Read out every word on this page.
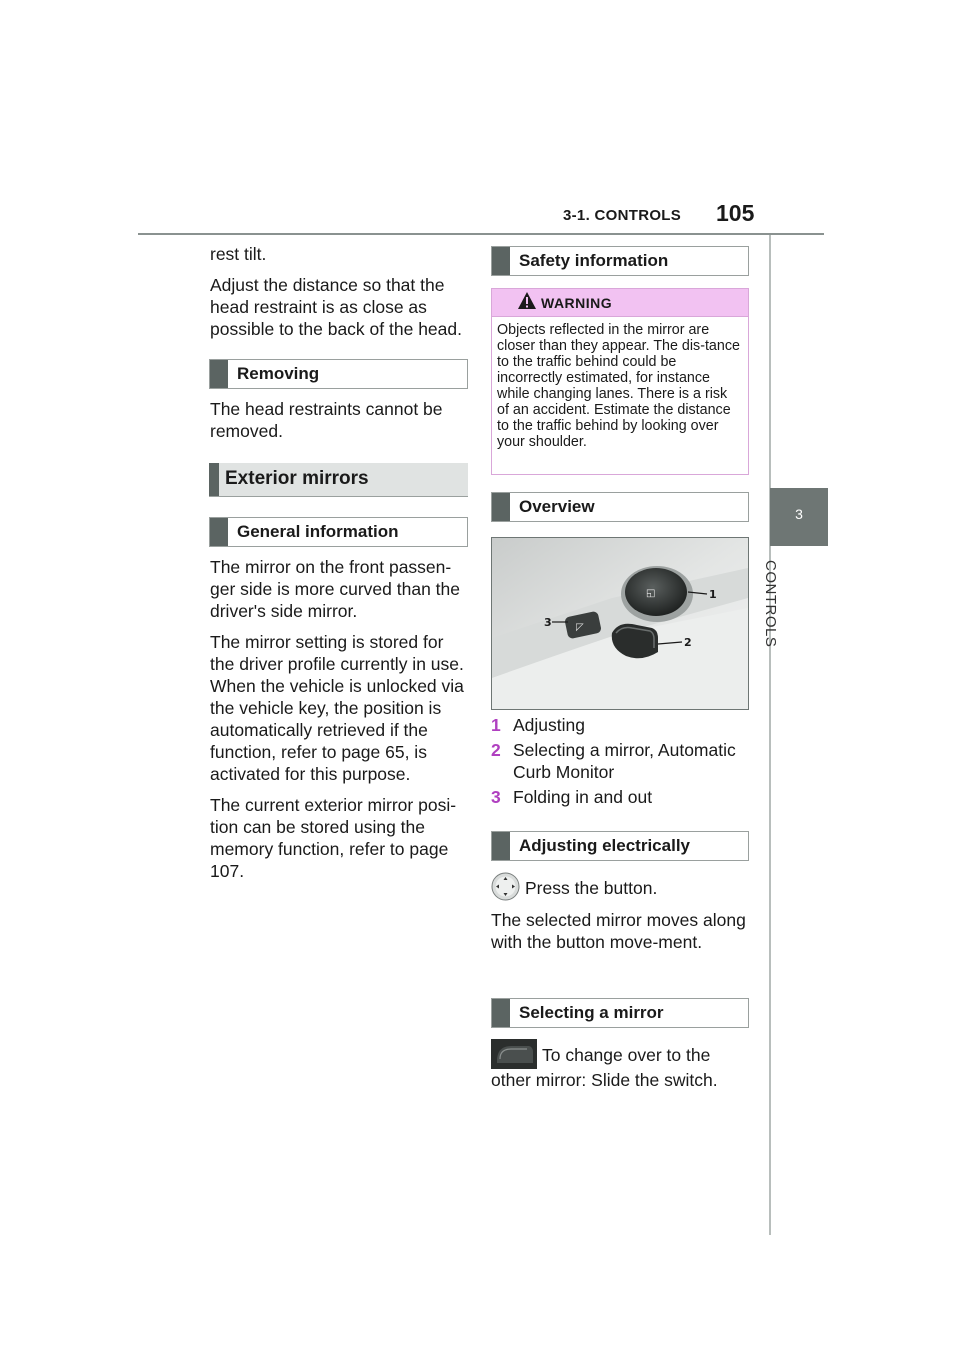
3-1. CONTROLS 105
3
CONTROLS

rest tilt.

Adjust the distance so that the head restraint is as close as possible to the back of the head.

Removing

The head restraints cannot be removed.

Exterior mirrors
General information

The mirror on the front passen-ger side is more curved than the driver's side mirror.

The mirror setting is stored for the driver profile currently in use. When the vehicle is unlocked via the vehicle key, the position is automatically retrieved if the function, refer to page 65, is activated for this purpose.

The current exterior mirror posi-tion can be stored using the memory function, refer to page 107.

Safety information
WARNING
Objects reflected in the mirror are closer than they appear. The dis-tance to the traffic behind could be incorrectly estimated, for instance while changing lanes. There is a risk of an accident. Estimate the distance to the traffic behind by looking over your shoulder.
Overview
◱
◸
1
2
3
1 Adjusting
2 Selecting a mirror, Automatic Curb Monitor
3 Folding in and out
Adjusting electrically
Press the button.
The selected mirror moves along with the button move-ment.
Selecting a mirror
To change over to the
other mirror: Slide the switch.
